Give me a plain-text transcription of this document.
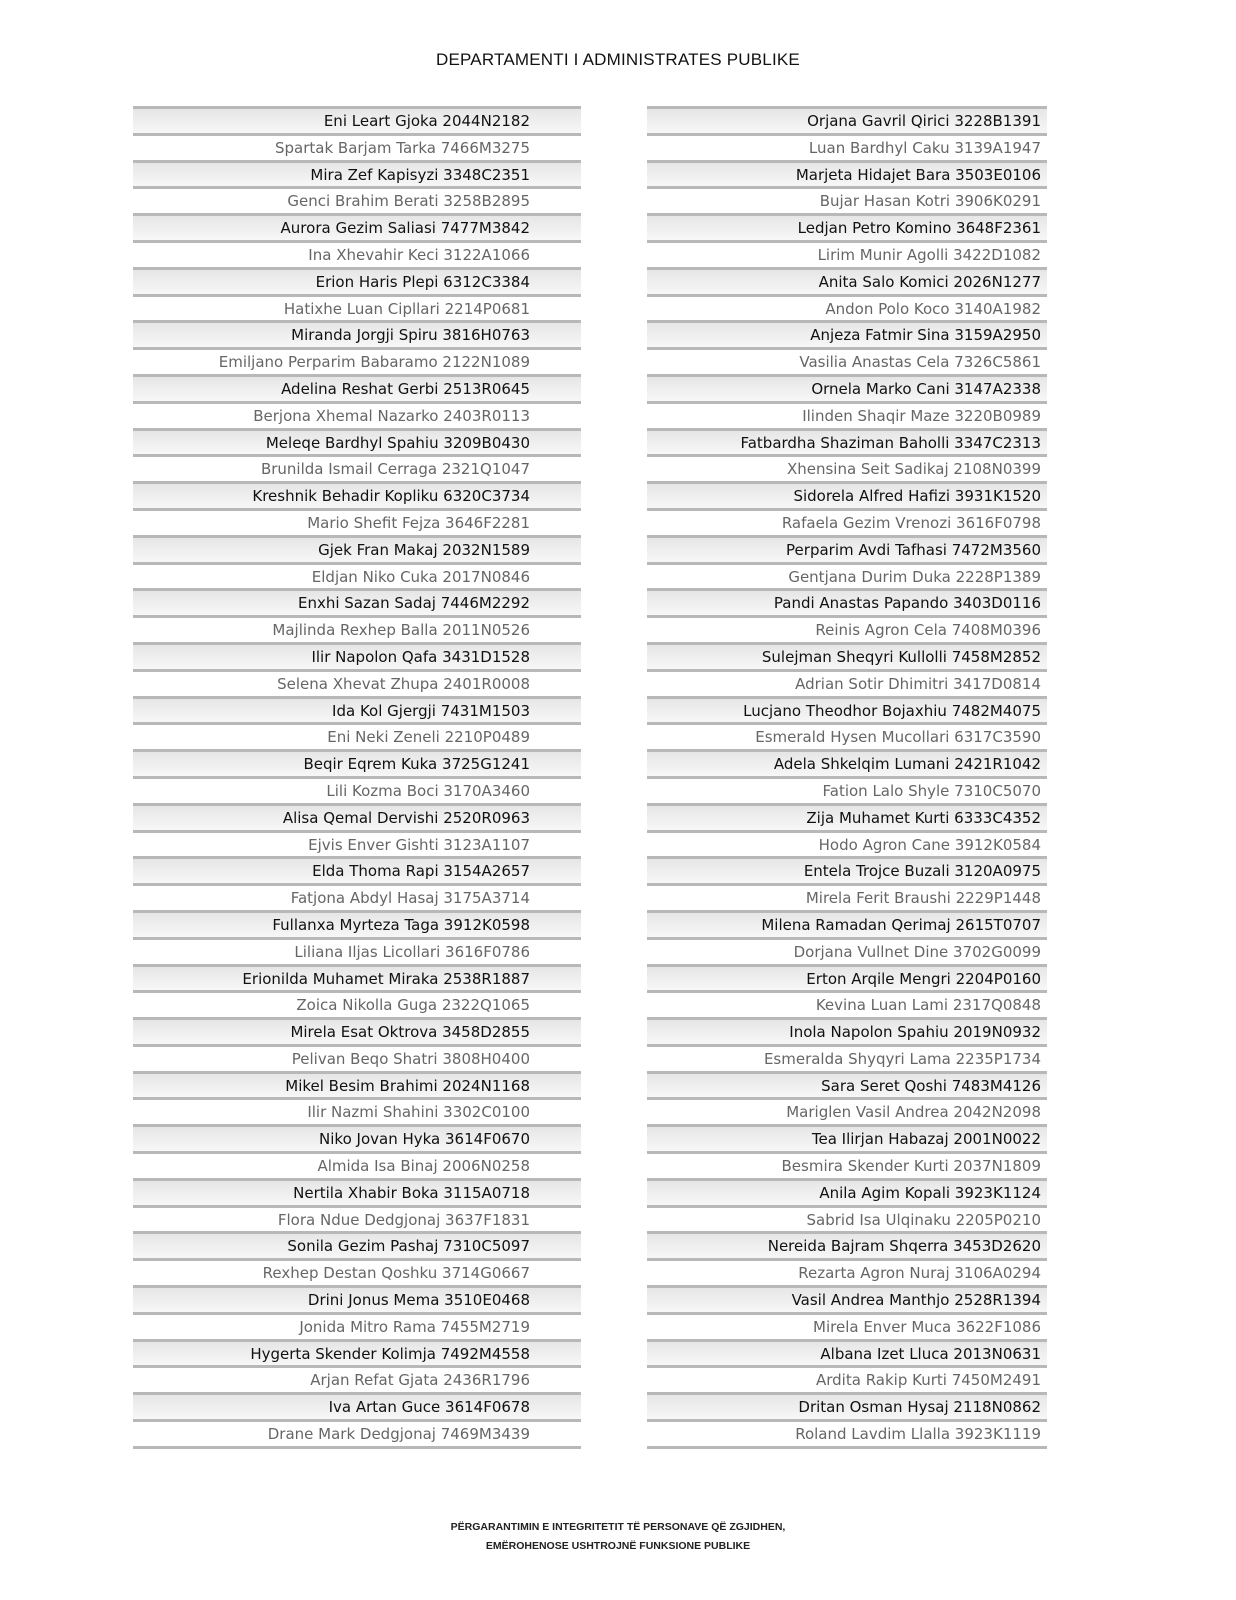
DEPARTAMENTI I ADMINISTRATES PUBLIKE
Eni Leart Gjoka 2044N2182
Spartak Barjam Tarka 7466M3275
Mira Zef Kapisyzi 3348C2351
Genci Brahim Berati 3258B2895
Aurora Gezim Saliasi 7477M3842
Ina Xhevahir Keci 3122A1066
Erion Haris Plepi 6312C3384
Hatixhe Luan Cipllari 2214P0681
Miranda Jorgji Spiru 3816H0763
Emiljano Perparim Babaramo 2122N1089
Adelina Reshat Gerbi 2513R0645
Berjona Xhemal Nazarko 2403R0113
Meleqe Bardhyl Spahiu 3209B0430
Brunilda Ismail Cerraga 2321Q1047
Kreshnik Behadir Kopliku 6320C3734
Mario Shefit Fejza 3646F2281
Gjek Fran Makaj 2032N1589
Eldjan Niko Cuka 2017N0846
Enxhi Sazan Sadaj 7446M2292
Majlinda Rexhep Balla 2011N0526
Ilir Napolon Qafa 3431D1528
Selena Xhevat Zhupa 2401R0008
Ida Kol Gjergji 7431M1503
Eni Neki Zeneli 2210P0489
Beqir Eqrem Kuka 3725G1241
Lili Kozma Boci 3170A3460
Alisa Qemal Dervishi 2520R0963
Ejvis Enver Gishti 3123A1107
Elda Thoma Rapi 3154A2657
Fatjona Abdyl Hasaj 3175A3714
Fullanxa Myrteza Taga 3912K0598
Liliana Iljas Licollari 3616F0786
Erionilda Muhamet Miraka 2538R1887
Zoica Nikolla Guga 2322Q1065
Mirela Esat Oktrova 3458D2855
Pelivan Beqo Shatri 3808H0400
Mikel Besim Brahimi 2024N1168
Ilir Nazmi Shahini 3302C0100
Niko Jovan Hyka 3614F0670
Almida Isa Binaj 2006N0258
Nertila Xhabir Boka 3115A0718
Flora Ndue Dedgjonaj 3637F1831
Sonila Gezim Pashaj 7310C5097
Rexhep Destan Qoshku 3714G0667
Drini Jonus Mema 3510E0468
Jonida Mitro Rama 7455M2719
Hygerta Skender Kolimja 7492M4558
Arjan Refat Gjata 2436R1796
Iva Artan Guce 3614F0678
Drane Mark Dedgjonaj 7469M3439
Orjana Gavril Qirici 3228B1391
Luan Bardhyl Caku 3139A1947
Marjeta Hidajet Bara 3503E0106
Bujar Hasan Kotri 3906K0291
Ledjan Petro Komino 3648F2361
Lirim Munir Agolli 3422D1082
Anita Salo Komici 2026N1277
Andon Polo Koco 3140A1982
Anjeza Fatmir Sina 3159A2950
Vasilia Anastas Cela 7326C5861
Ornela Marko Cani 3147A2338
Ilinden Shaqir Maze 3220B0989
Fatbardha Shaziman Baholli 3347C2313
Xhensina Seit Sadikaj 2108N0399
Sidorela Alfred Hafizi 3931K1520
Rafaela Gezim Vrenozi 3616F0798
Perparim Avdi Tafhasi 7472M3560
Gentjana Durim Duka 2228P1389
Pandi Anastas Papando 3403D0116
Reinis Agron Cela 7408M0396
Sulejman Sheqyri Kullolli 7458M2852
Adrian Sotir Dhimitri 3417D0814
Lucjano Theodhor Bojaxhiu 7482M4075
Esmerald Hysen Mucollari 6317C3590
Adela Shkelqim Lumani 2421R1042
Fation Lalo Shyle 7310C5070
Zija Muhamet Kurti 6333C4352
Hodo Agron Cane 3912K0584
Entela Trojce Buzali 3120A0975
Mirela Ferit Braushi 2229P1448
Milena Ramadan Qerimaj 2615T0707
Dorjana Vullnet Dine 3702G0099
Erton Arqile Mengri 2204P0160
Kevina Luan Lami 2317Q0848
Inola Napolon Spahiu 2019N0932
Esmeralda Shyqyri Lama 2235P1734
Sara Seret Qoshi 7483M4126
Mariglen Vasil Andrea 2042N2098
Tea Ilirjan Habazaj 2001N0022
Besmira Skender Kurti 2037N1809
Anila Agim Kopali 3923K1124
Sabrid Isa Ulqinaku 2205P0210
Nereida Bajram Shqerra 3453D2620
Rezarta Agron Nuraj 3106A0294
Vasil Andrea Manthjo 2528R1394
Mirela Enver Muca 3622F1086
Albana Izet Lluca 2013N0631
Ardita Rakip Kurti 7450M2491
Dritan Osman Hysaj 2118N0862
Roland Lavdim Llalla 3923K1119
PËRGARANTIMIN E INTEGRITETIT TË PERSONAVE QË ZGJIDHEN,
EMËROHENOSE USHTROJNË FUNKSIONE PUBLIKE
